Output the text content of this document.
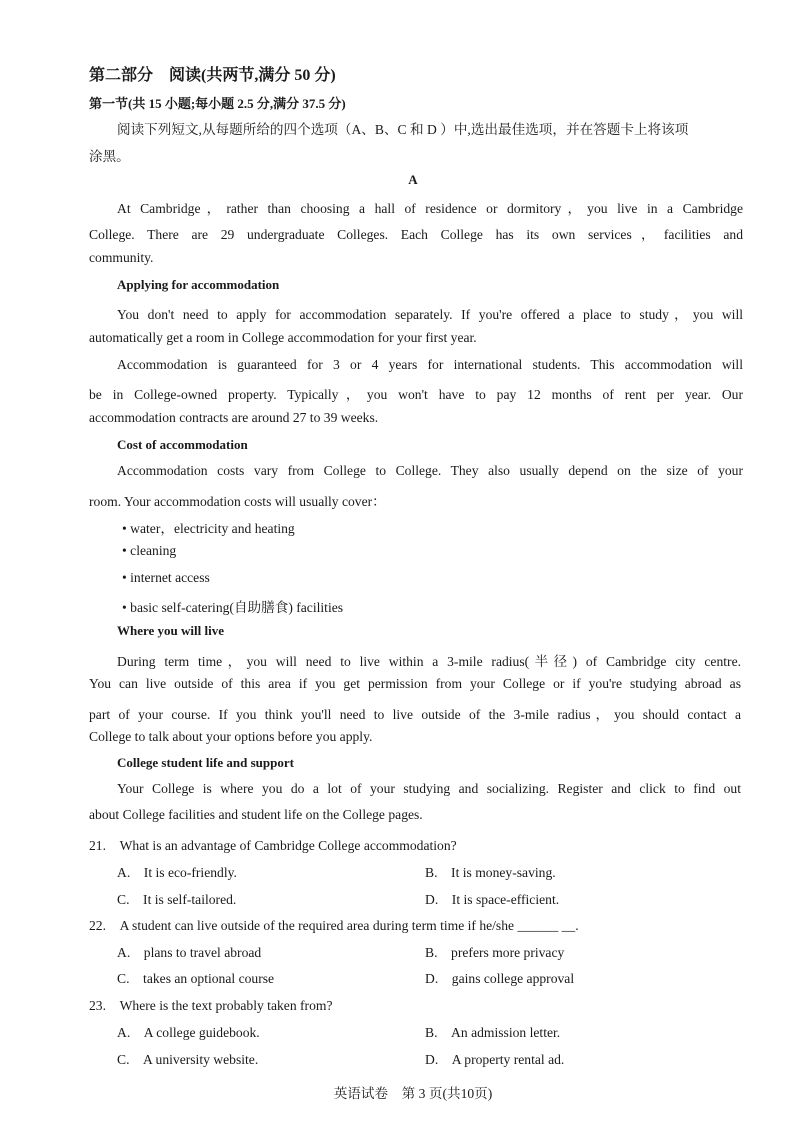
第二部分　阅读(共两节,满分 50 分)
第一节(共 15 小题;每小题 2.5 分,满分 37.5 分)
阅读下列短文,从每题所给的四个选项（A、B、C 和 D ）中,选出最佳选项，并在答题卡上将该项
涂黑。
A
At Cambridge，rather than choosing a hall of residence or dormitory，you live in a Cambridge
College. There are 29 undergraduate Colleges. Each College has its own services，facilities and
community.
Applying for accommodation
You don't need to apply for accommodation separately. If you're offered a place to study，you will
automatically get a room in College accommodation for your first year.
Accommodation is guaranteed for 3 or 4 years for international students. This accommodation will
be in College-owned property. Typically，you won't have to pay 12 months of rent per year. Our
accommodation contracts are around 27 to 39 weeks.
Cost of accommodation
Accommodation costs vary from College to College. They also usually depend on the size of your
room. Your accommodation costs will usually cover：
• water，electricity and heating
• cleaning
• internet access
• basic self-catering(自助膳食) facilities
Where you will live
During term time，you will need to live within a 3-mile radius(半径) of Cambridge city centre.
You can live outside of this area if you get permission from your College or if you're studying abroad as
part of your course. If you think you'll need to live outside of the 3-mile radius，you should contact a
College to talk about your options before you apply.
College student life and support
Your College is where you do a lot of your studying and socializing. Register and click to find out
about College facilities and student life on the College pages.
21.　What is an advantage of Cambridge College accommodation?
A.　It is eco-friendly.	B.　It is money-saving.
C.　It is self-tailored.	D.　It is space-efficient.
22.　A student can live outside of the required area during term time if he/she ______ __.
A.　plans to travel abroad	B.　prefers more privacy
C.　takes an optional course	D.　gains college approval
23.　Where is the text probably taken from?
A.　A college guidebook.	B.　An admission letter.
C.　A university website.	D.　A property rental ad.
英语试卷　第 3 页(共10页)
